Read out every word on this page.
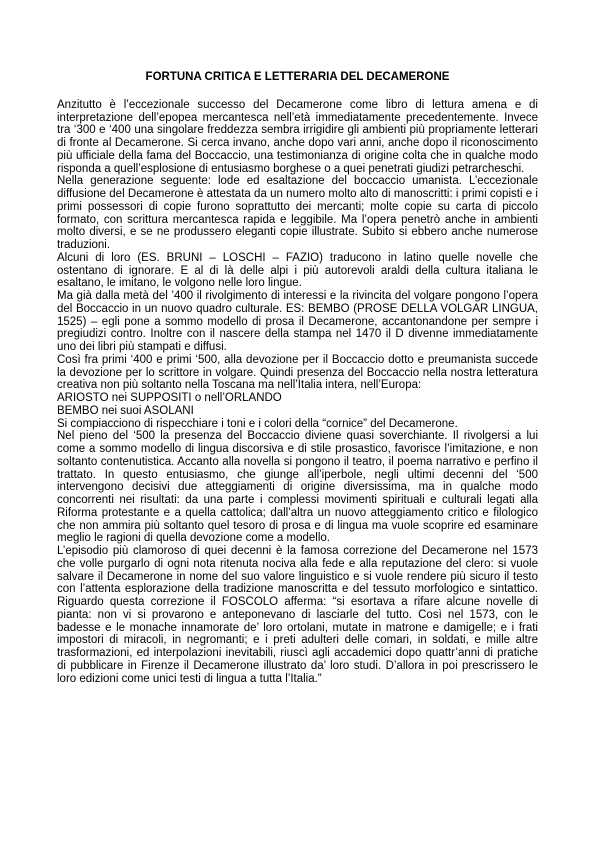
FORTUNA CRITICA E LETTERARIA DEL DECAMERONE

Anzitutto è l’eccezionale successo del Decamerone come libro di lettura amena e di interpretazione dell’epopea mercantesca nell’età immediatamente precedentemente. Invece tra ‘300 e ‘400 una singolare freddezza sembra irrigidire gli ambienti più propriamente letterari di fronte al Decamerone. Si cerca invano, anche dopo vari anni, anche dopo il riconoscimento più ufficiale della fama del Boccaccio, una testimonianza di origine colta che in qualche modo risponda a quell’esplosione di entusiasmo borghese o a quei penetrati giudizi petrarcheschi.

Nella generazione seguente: lode ed esaltazione del boccaccio umanista. L’eccezionale diffusione del Decamerone è attestata da un numero molto alto di manoscritti: i primi copisti e i primi possessori di copie furono soprattutto dei mercanti; molte copie su carta di piccolo formato, con scrittura mercantesca rapida e leggibile. Ma l’opera penetrò anche in ambienti molto diversi, e se ne produssero eleganti copie illustrate. Subito si ebbero anche numerose traduzioni.

Alcuni di loro (ES. BRUNI – LOSCHI – FAZIO) traducono in latino quelle novelle che ostentano di ignorare. E al di là delle alpi i più autorevoli araldi della cultura italiana le esaltano, le imitano, le volgono nelle loro lingue.

Ma già dalla metà del ’400 il rivolgimento di interessi e la rivincita del volgare pongono l’opera del Boccaccio in un nuovo quadro culturale. ES: BEMBO (PROSE DELLA VOLGAR LINGUA, 1525) – egli pone a sommo modello di prosa il Decamerone, accantonandone per sempre i pregiudizi contro. Inoltre con il nascere della stampa nel 1470 il D divenne immediatamente uno dei libri più stampati e diffusi.

Così fra primi ‘400 e primi ‘500, alla devozione per il Boccaccio dotto e preumanista succede la devozione per lo scrittore in volgare. Quindi presenza del Boccaccio nella nostra letteratura creativa non più soltanto nella Toscana ma nell’Italia intera, nell’Europa:

ARIOSTO nei SUPPOSITI o nell’ORLANDO

BEMBO nei suoi ASOLANI

Si compiacciono di rispecchiare i toni e i colori della “cornice” del Decamerone.

Nel pieno del ‘500 la presenza del Boccaccio diviene quasi soverchiante. Il rivolgersi a lui come a sommo modello di lingua discorsiva e di stile prosastico, favorisce l’imitazione, e non soltanto contenutistica. Accanto alla novella si pongono il teatro, il poema narrativo e perfino il trattato. In questo entusiasmo, che giunge all’iperbole, negli ultimi decenni del ‘500 intervengono decisivi due atteggiamenti di origine diversissima, ma in qualche modo concorrenti nei risultati: da una parte i complessi movimenti spirituali e culturali legati alla Riforma protestante e a quella cattolica; dall’altra un nuovo atteggiamento critico e filologico che non ammira più soltanto quel tesoro di prosa e di lingua ma vuole scoprire ed esaminare meglio le ragioni di quella devozione come a modello.

L’episodio più clamoroso di quei decenni è la famosa correzione del Decamerone nel 1573 che volle purgarlo di ogni nota ritenuta nociva alla fede e alla reputazione del clero: si vuole salvare il Decamerone in nome del suo valore linguistico e si vuole rendere più sicuro il testo con l’attenta esplorazione della tradizione manoscritta e del tessuto morfologico e sintattico. Riguardo questa correzione il FOSCOLO afferma: “si esortava a rifare alcune novelle di pianta: non vi si provarono e anteponevano di lasciarle del tutto. Così nel 1573, con le badesse e le monache innamorate de’ loro ortolani, mutate in matrone e damigelle; e i frati impostori di miracoli, in negromanti; e i preti adulteri delle comari, in soldati, e mille altre trasformazioni, ed interpolazioni inevitabili, riuscì agli accademici dopo quattr’anni di pratiche di pubblicare in Firenze il Decamerone illustrato da’ loro studi. D’allora in poi prescrissero le loro edizioni come unici testi di lingua a tutta l’Italia.”
